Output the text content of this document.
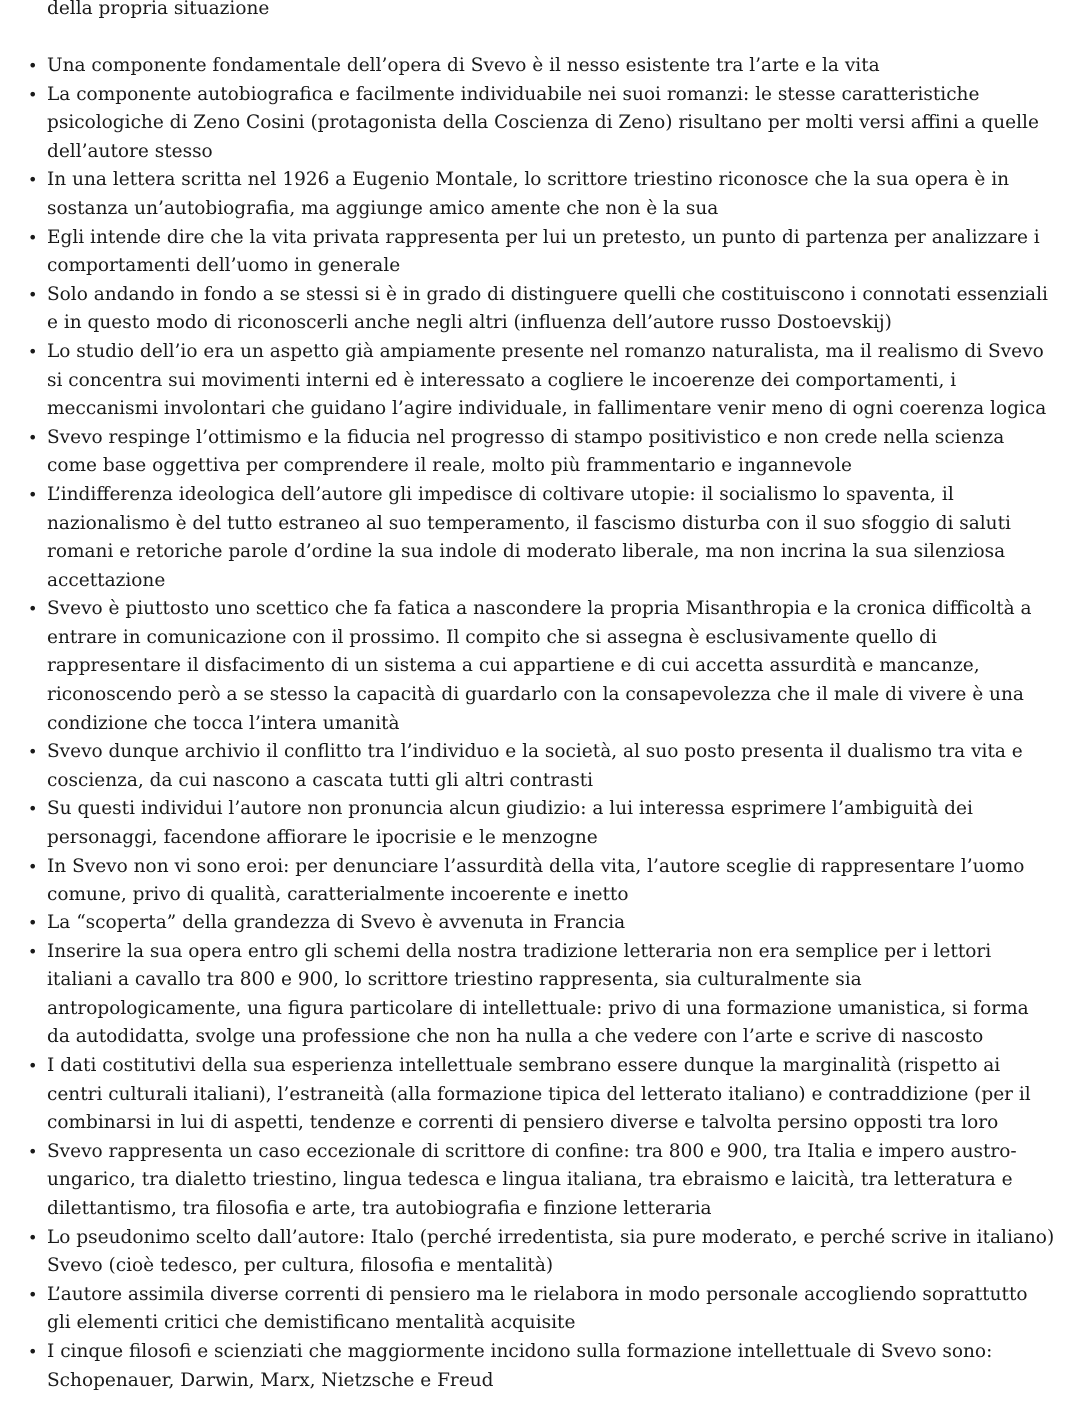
della propria situazione

• Una componente fondamentale dell’opera di Svevo è il nesso esistente tra l’arte e la vita
• La componente autobiografica e facilmente individuabile nei suoi romanzi: le stesse caratteristiche psicologiche di Zeno Cosini (protagonista della Coscienza di Zeno) risultano per molti versi affini a quelle dell’autore stesso
• In una lettera scritta nel 1926 a Eugenio Montale, lo scrittore triestino riconosce che la sua opera è in sostanza un’autobiografia, ma aggiunge amico amente che non è la sua
• Egli intende dire che la vita privata rappresenta per lui un pretesto, un punto di partenza per analizzare i comportamenti dell’uomo in generale
• Solo andando in fondo a se stessi si è in grado di distinguere quelli che costituiscono i connotati essenziali e in questo modo di riconoscerli anche negli altri (influenza dell’autore russo Dostoevskij)
• Lo studio dell’io era un aspetto già ampiamente presente nel romanzo naturalista, ma il realismo di Svevo si concentra sui movimenti interni ed è interessato a cogliere le incoerenze dei comportamenti, i meccanismi involontari che guidano l’agire individuale, in fallimentare venir meno di ogni coerenza logica
• Svevo respinge l’ottimismo e la fiducia nel progresso di stampo positivistico e non crede nella scienza come base oggettiva per comprendere il reale, molto più frammentario e ingannevole
• L’indifferenza ideologica dell’autore gli impedisce di coltivare utopie: il socialismo lo spaventa, il nazionalismo è del tutto estraneo al suo temperamento, il fascismo disturba con il suo sfoggio di saluti romani e retoriche parole d’ordine la sua indole di moderato liberale, ma non incrina la sua silenziosa accettazione
• Svevo è piuttosto uno scettico che fa fatica a nascondere la propria Misanthropia e la cronica difficoltà a entrare in comunicazione con il prossimo. Il compito che si assegna è esclusivamente quello di rappresentare il disfacimento di un sistema a cui appartiene e di cui accetta assurdità e mancanze, riconoscendo però a se stesso la capacità di guardarlo con la consapevolezza che il male di vivere è una condizione che tocca l’intera umanità
• Svevo dunque archivio il conflitto tra l’individuo e la società, al suo posto presenta il dualismo tra vita e coscienza, da cui nascono a cascata tutti gli altri contrasti
• Su questi individui l’autore non pronuncia alcun giudizio: a lui interessa esprimere l’ambiguità dei personaggi, facendone affiorare le ipocrisie e le menzogne
• In Svevo non vi sono eroi: per denunciare l’assurdità della vita, l’autore sceglie di rappresentare l’uomo comune, privo di qualità, caratterialmente incoerente e inetto
• La “scoperta” della grandezza di Svevo è avvenuta in Francia
• Inserire la sua opera entro gli schemi della nostra tradizione letteraria non era semplice per i lettori italiani a cavallo tra 800 e 900, lo scrittore triestino rappresenta, sia culturalmente sia antropologicamente, una figura particolare di intellettuale: privo di una formazione umanistica, si forma da autodidatta, svolge una professione che non ha nulla a che vedere con l’arte e scrive di nascosto
• I dati costitutivi della sua esperienza intellettuale sembrano essere dunque la marginalità (rispetto ai centri culturali italiani), l’estraneità (alla formazione tipica del letterato italiano) e contraddizione (per il combinarsi in lui di aspetti, tendenze e correnti di pensiero diverse e talvolta persino opposti tra loro
• Svevo rappresenta un caso eccezionale di scrittore di confine: tra 800 e 900, tra Italia e impero austro-ungarico, tra dialetto triestino, lingua tedesca e lingua italiana, tra ebraismo e laicità, tra letteratura e dilettantismo, tra filosofia e arte, tra autobiografia e finzione letteraria
• Lo pseudonimo scelto dall’autore: Italo (perché irredentista, sia pure moderato, e perché scrive in italiano) Svevo (cioè tedesco, per cultura, filosofia e mentalità)
• L’autore assimila diverse correnti di pensiero ma le rielabora in modo personale accogliendo soprattutto gli elementi critici che demistificano mentalità acquisite
• I cinque filosofi e scienziati che maggiormente incidono sulla formazione intellettuale di Svevo sono: Schopenauer, Darwin, Marx, Nietzsche e Freud
